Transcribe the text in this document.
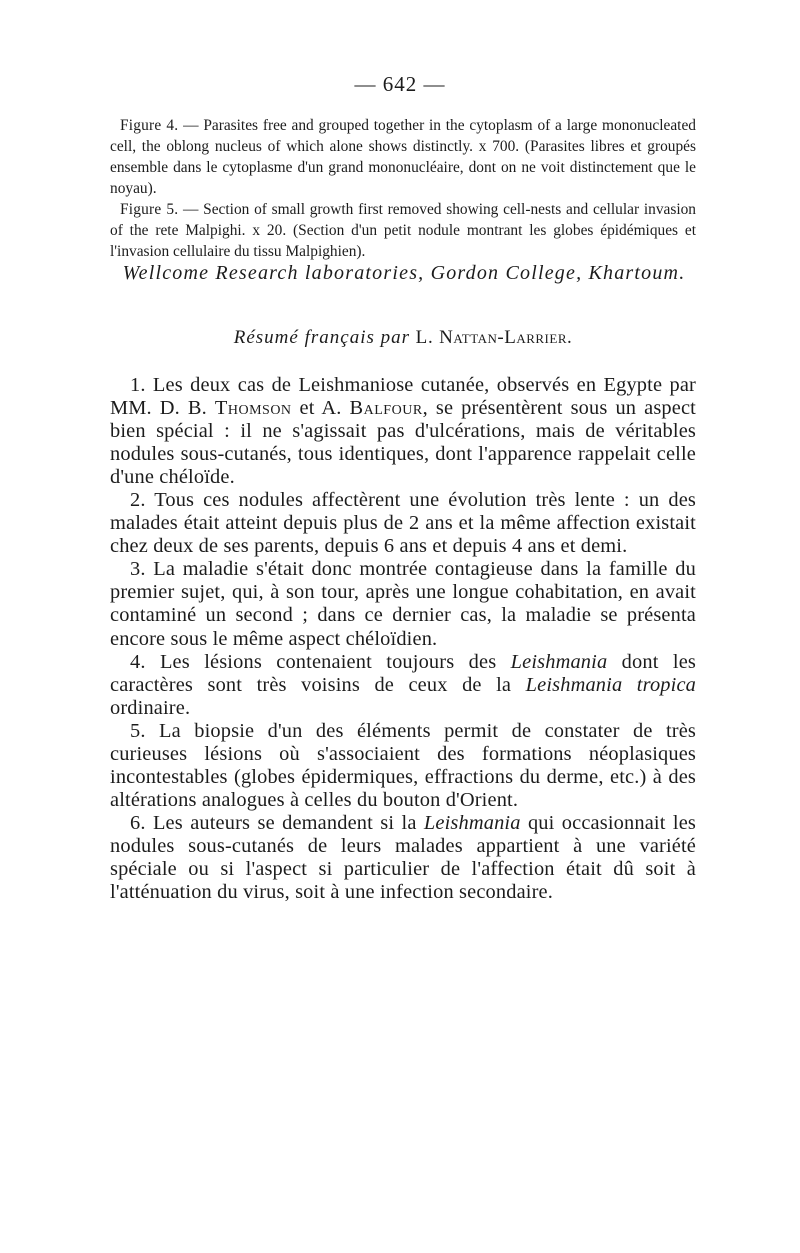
— 642 —

Figure 4. — Parasites free and grouped together in the cytoplasm of a large mononucleated cell, the oblong nucleus of which alone shows distinctly. x 700. (Parasites libres et groupés ensemble dans le cytoplasme d'un grand mononucléaire, dont on ne voit distinctement que le noyau).

Figure 5. — Section of small growth first removed showing cell-nests and cellular invasion of the rete Malpighi. x 20. (Section d'un petit nodule montrant les globes épidémiques et l'invasion cellulaire du tissu Malpighien).

Wellcome Research laboratories, Gordon College, Khartoum.
Résumé français par L. Nattan-Larrier.

1. Les deux cas de Leishmaniose cutanée, observés en Egypte par MM. D. B. Thomson et A. Balfour, se présentèrent sous un aspect bien spécial : il ne s'agissait pas d'ulcérations, mais de véritables nodules sous-cutanés, tous identiques, dont l'apparence rappelait celle d'une chéloïde.

2. Tous ces nodules affectèrent une évolution très lente : un des malades était atteint depuis plus de 2 ans et la même affection existait chez deux de ses parents, depuis 6 ans et depuis 4 ans et demi.

3. La maladie s'était donc montrée contagieuse dans la famille du premier sujet, qui, à son tour, après une longue cohabitation, en avait contaminé un second ; dans ce dernier cas, la maladie se présenta encore sous le même aspect chéloïdien.

4. Les lésions contenaient toujours des Leishmania dont les caractères sont très voisins de ceux de la Leishmania tropica ordinaire.

5. La biopsie d'un des éléments permit de constater de très curieuses lésions où s'associaient des formations néoplasiques incontestables (globes épidermiques, effractions du derme, etc.) à des altérations analogues à celles du bouton d'Orient.

6. Les auteurs se demandent si la Leishmania qui occasionnait les nodules sous-cutanés de leurs malades appartient à une variété spéciale ou si l'aspect si particulier de l'affection était dû soit à l'atténuation du virus, soit à une infection secondaire.
